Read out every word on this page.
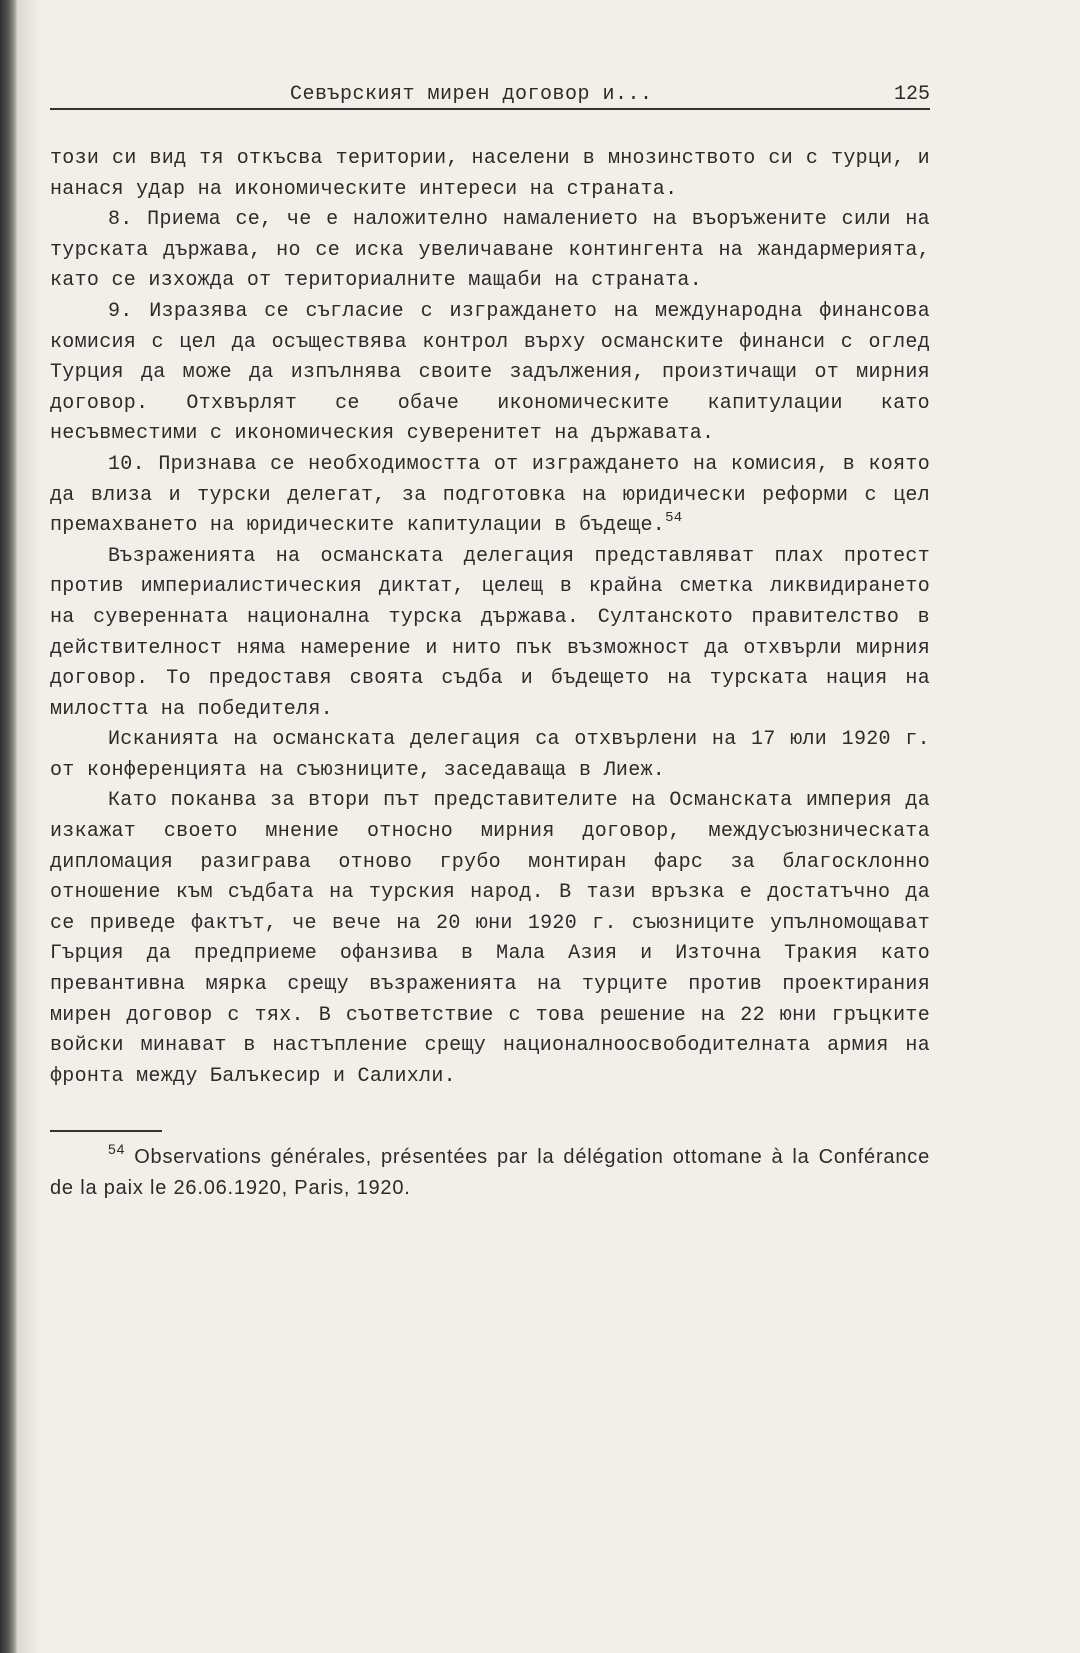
Севърският мирен договор и...	125

този си вид тя откъсва територии, населени в мнозинството си с турци, и нанася удар на икономическите интереси на страната.

8. Приема се, че е наложително намалението на въоръжените сили на турската държава, но се иска увеличаване контингента на жандармерията, като се изхожда от териториалните мащаби на страната.

9. Изразява се съгласие с изграждането на международна финансова комисия с цел да осъществява контрол върху османските финанси с оглед Турция да може да изпълнява своите задължения, произтичащи от мирния договор. Отхвърлят се обаче икономическите капитулации като несъвместими с икономическия суверенитет на държавата.

10. Признава се необходимостта от изграждането на комисия, в която да влиза и турски делегат, за подготовка на юридически реформи с цел премахването на юридическите капитулации в бъдеще.$^{54}$

Възраженията на османската делегация представляват плах протест против империалистическия диктат, целещ в крайна сметка ликвидирането на суверенната национална турска държава. Султанското правителство в действителност няма намерение и нито пък възможност да отхвърли мирния договор. То предоставя своята съдба и бъдещето на турската нация на милостта на победителя.

Исканията на османската делегация са отхвърлени на 17 юли 1920 г. от конференцията на съюзниците, заседаваща в Лиеж.

Като поканва за втори път представителите на Османската империя да изкажат своето мнение относно мирния договор, междусъюзническата дипломация разиграва отново грубо монтиран фарс за благосклонно отношение към съдбата на турския народ. В тази връзка е достатъчно да се приведе фактът, че вече на 20 юни 1920 г. съюзниците упълномощават Гърция да предприеме офанзива в Мала Азия и Източна Тракия като превантивна мярка срещу възраженията на турците против проектирания мирен договор с тях. В съответствие с това решение на 22 юни гръцките войски минават в настъпление срещу националноосвободителната армия на фронта между Балъкесир и Салихли.

$^{54}$ Observations générales, présentées par la délégation ottomane à la Conférance de la paix le 26.06.1920, Paris, 1920.
